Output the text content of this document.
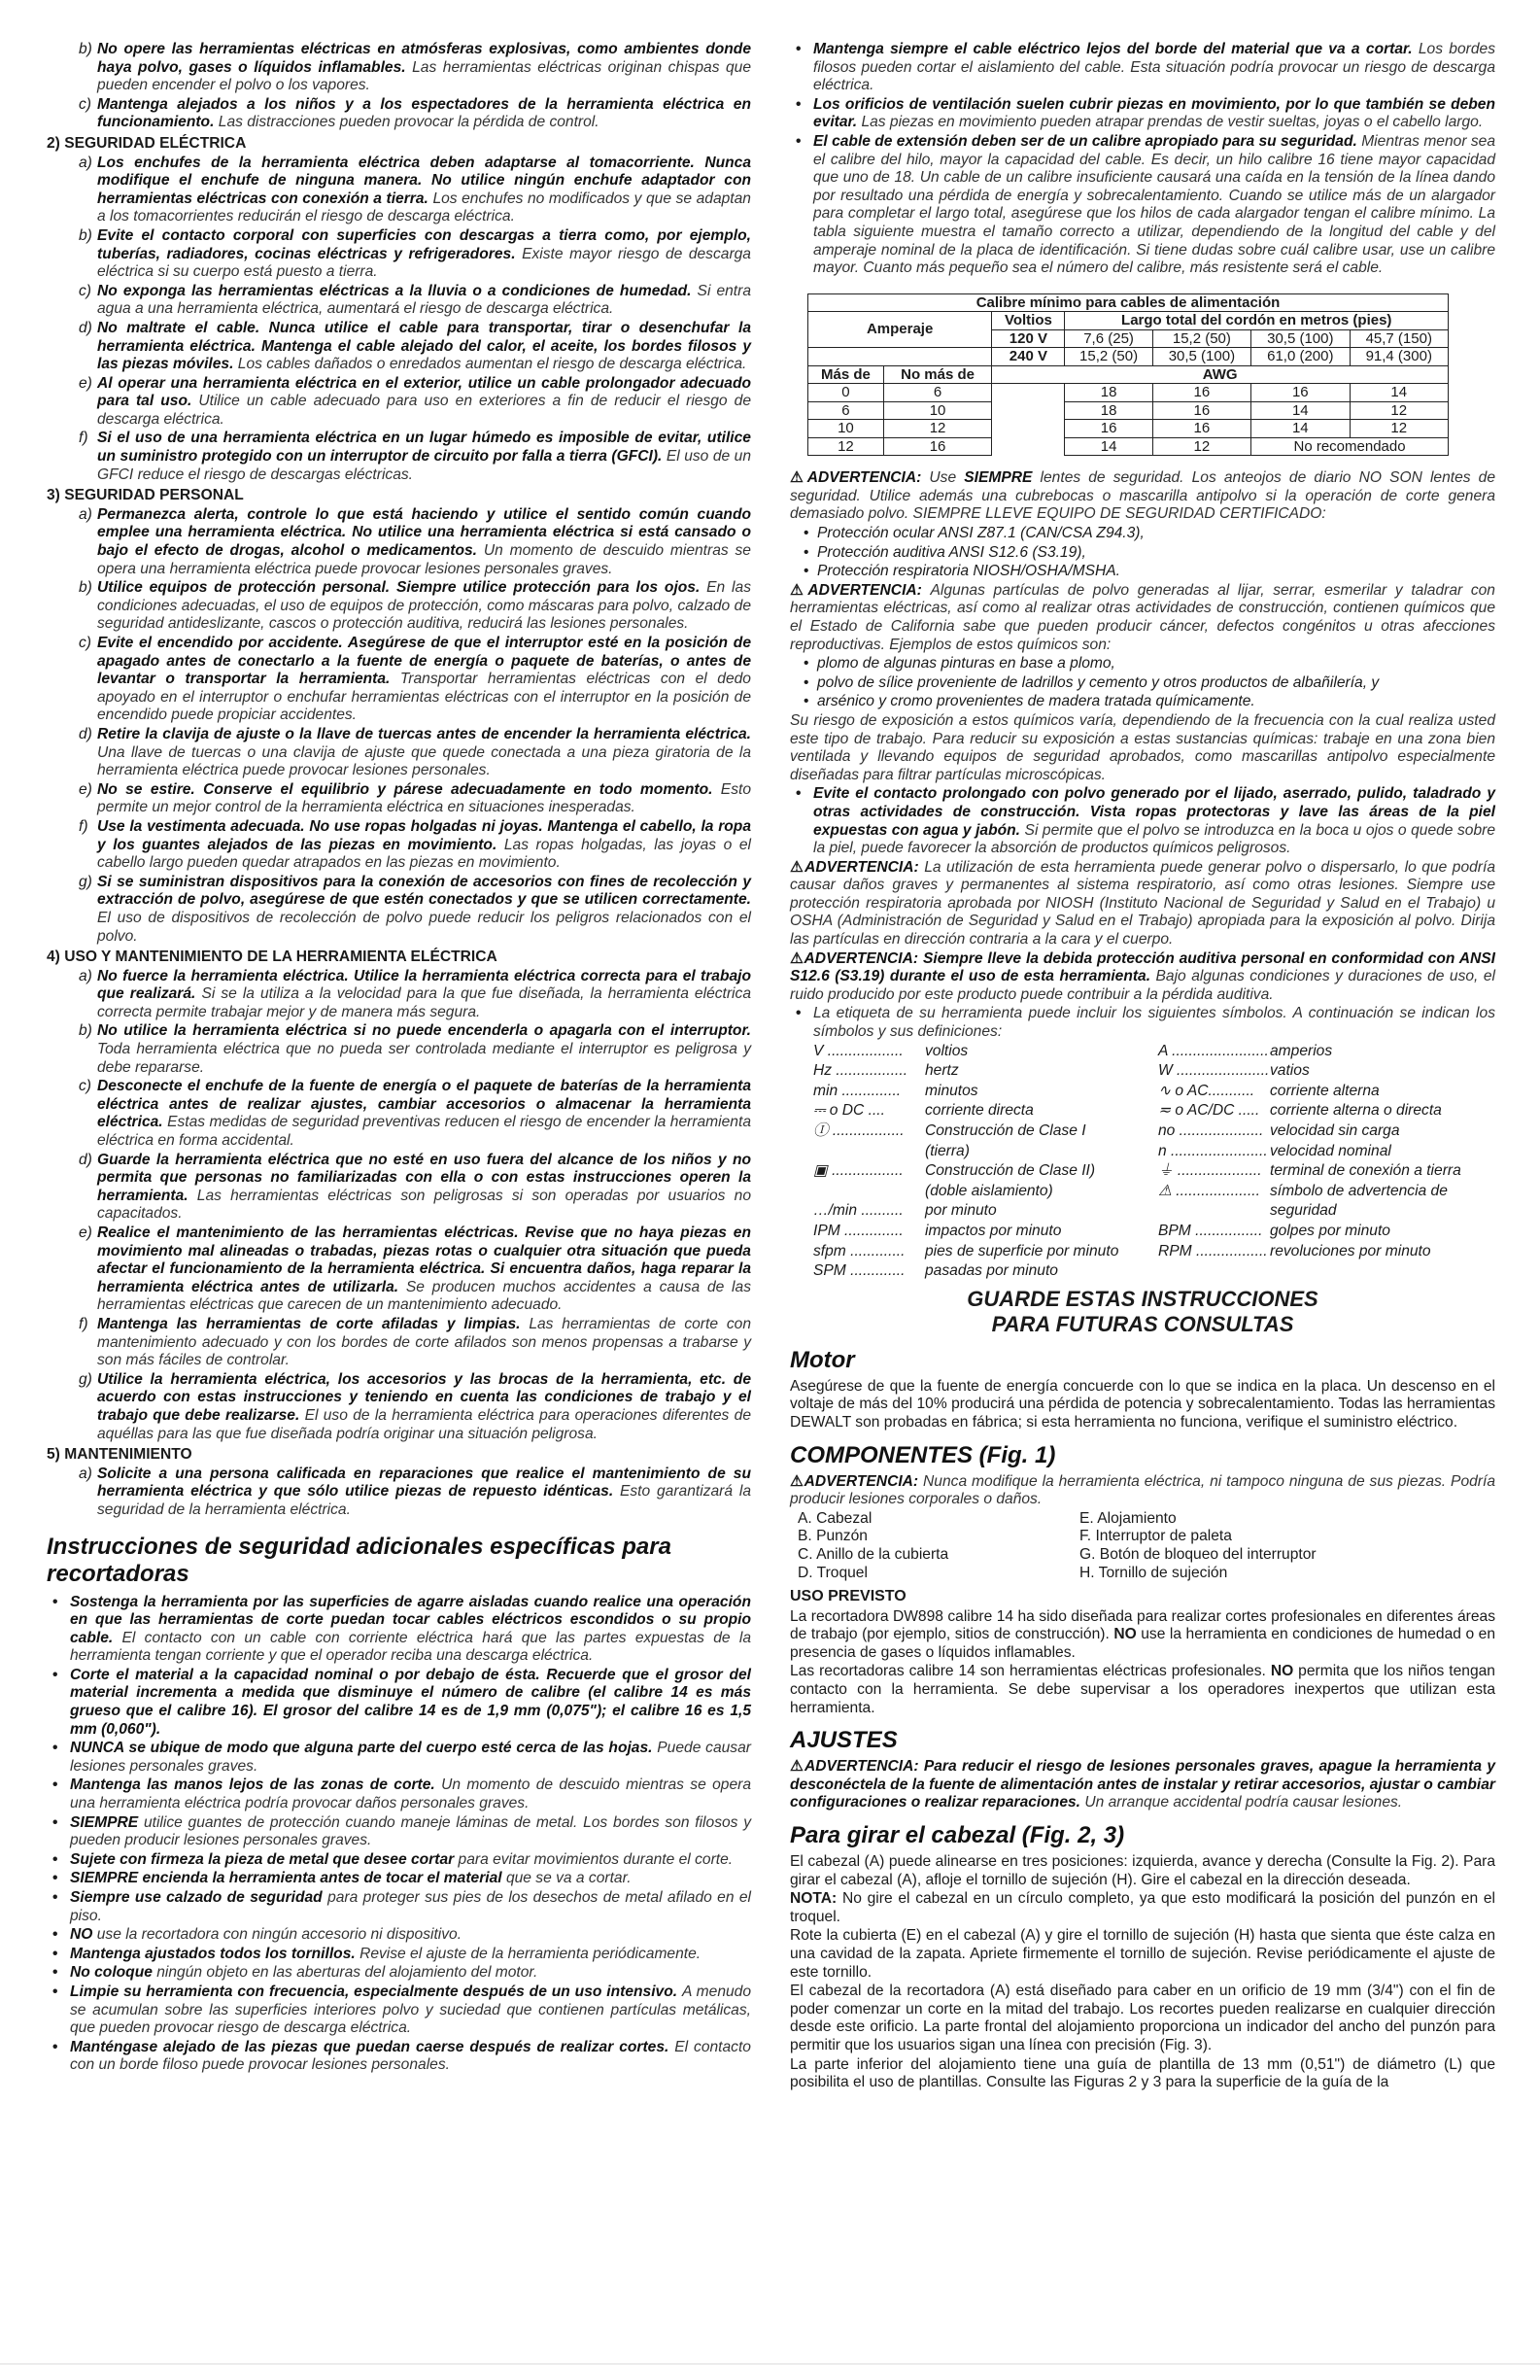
b) No opere las herramientas eléctricas en atmósferas explosivas, como ambientes donde haya polvo, gases o líquidos inflamables. Las herramientas eléctricas originan chispas que pueden encender el polvo o los vapores.
c) Mantenga alejados a los niños y a los espectadores de la herramienta eléctrica en funcionamiento. Las distracciones pueden provocar la pérdida de control.
2) SEGURIDAD ELÉCTRICA
a) Los enchufes de la herramienta eléctrica deben adaptarse al tomacorriente. Nunca modifique el enchufe de ninguna manera. No utilice ningún enchufe adaptador con herramientas eléctricas con conexión a tierra. Los enchufes no modificados y que se adaptan a los tomacorrientes reducirán el riesgo de descarga eléctrica.
b) Evite el contacto corporal con superficies con descargas a tierra como, por ejemplo, tuberías, radiadores, cocinas eléctricas y refrigeradores. Existe mayor riesgo de descarga eléctrica si su cuerpo está puesto a tierra.
c) No exponga las herramientas eléctricas a la lluvia o a condiciones de humedad. Si entra agua a una herramienta eléctrica, aumentará el riesgo de descarga eléctrica.
d) No maltrate el cable. Nunca utilice el cable para transportar, tirar o desenchufar la herramienta eléctrica. Mantenga el cable alejado del calor, el aceite, los bordes filosos y las piezas móviles. Los cables dañados o enredados aumentan el riesgo de descarga eléctrica.
e) Al operar una herramienta eléctrica en el exterior, utilice un cable prolongador adecuado para tal uso. Utilice un cable adecuado para uso en exteriores a fin de reducir el riesgo de descarga eléctrica.
f) Si el uso de una herramienta eléctrica en un lugar húmedo es imposible de evitar, utilice un suministro protegido con un interruptor de circuito por falla a tierra (GFCI). El uso de un GFCI reduce el riesgo de descargas eléctricas.
3) SEGURIDAD PERSONAL
a) Permanezca alerta, controle lo que está haciendo y utilice el sentido común cuando emplee una herramienta eléctrica. No utilice una herramienta eléctrica si está cansado o bajo el efecto de drogas, alcohol o medicamentos. Un momento de descuido mientras se opera una herramienta eléctrica puede provocar lesiones personales graves.
b) Utilice equipos de protección personal. Siempre utilice protección para los ojos. En las condiciones adecuadas, el uso de equipos de protección, como máscaras para polvo, calzado de seguridad antideslizante, cascos o protección auditiva, reducirá las lesiones personales.
c) Evite el encendido por accidente. Asegúrese de que el interruptor esté en la posición de apagado antes de conectarlo a la fuente de energía o paquete de baterías, o antes de levantar o transportar la herramienta. Transportar herramientas eléctricas con el dedo apoyado en el interruptor o enchufar herramientas eléctricas con el interruptor en la posición de encendido puede propiciar accidentes.
d) Retire la clavija de ajuste o la llave de tuercas antes de encender la herramienta eléctrica. Una llave de tuercas o una clavija de ajuste que quede conectada a una pieza giratoria de la herramienta eléctrica puede provocar lesiones personales.
e) No se estire. Conserve el equilibrio y párese adecuadamente en todo momento. Esto permite un mejor control de la herramienta eléctrica en situaciones inesperadas.
f) Use la vestimenta adecuada. No use ropas holgadas ni joyas. Mantenga el cabello, la ropa y los guantes alejados de las piezas en movimiento. Las ropas holgadas, las joyas o el cabello largo pueden quedar atrapados en las piezas en movimiento.
g) Si se suministran dispositivos para la conexión de accesorios con fines de recolección y extracción de polvo, asegúrese de que estén conectados y que se utilicen correctamente. El uso de dispositivos de recolección de polvo puede reducir los peligros relacionados con el polvo.
4) USO Y MANTENIMIENTO DE LA HERRAMIENTA ELÉCTRICA
a) No fuerce la herramienta eléctrica. Utilice la herramienta eléctrica correcta para el trabajo que realizará. Si se la utiliza a la velocidad para la que fue diseñada, la herramienta eléctrica correcta permite trabajar mejor y de manera más segura.
b) No utilice la herramienta eléctrica si no puede encenderla o apagarla con el interruptor. Toda herramienta eléctrica que no pueda ser controlada mediante el interruptor es peligrosa y debe repararse.
c) Desconecte el enchufe de la fuente de energía o el paquete de baterías de la herramienta eléctrica antes de realizar ajustes, cambiar accesorios o almacenar la herramienta eléctrica. Estas medidas de seguridad preventivas reducen el riesgo de encender la herramienta eléctrica en forma accidental.
d) Guarde la herramienta eléctrica que no esté en uso fuera del alcance de los niños y no permita que personas no familiarizadas con ella o con estas instrucciones operen la herramienta. Las herramientas eléctricas son peligrosas si son operadas por usuarios no capacitados.
e) Realice el mantenimiento de las herramientas eléctricas. Revise que no haya piezas en movimiento mal alineadas o trabadas, piezas rotas o cualquier otra situación que pueda afectar el funcionamiento de la herramienta eléctrica. Si encuentra daños, haga reparar la herramienta eléctrica antes de utilizarla. Se producen muchos accidentes a causa de las herramientas eléctricas que carecen de un mantenimiento adecuado.
f) Mantenga las herramientas de corte afiladas y limpias. Las herramientas de corte con mantenimiento adecuado y con los bordes de corte afilados son menos propensas a trabarse y son más fáciles de controlar.
g) Utilice la herramienta eléctrica, los accesorios y las brocas de la herramienta, etc. de acuerdo con estas instrucciones y teniendo en cuenta las condiciones de trabajo y el trabajo que debe realizarse. El uso de la herramienta eléctrica para operaciones diferentes de aquéllas para las que fue diseñada podría originar una situación peligrosa.
5) MANTENIMIENTO
a) Solicite a una persona calificada en reparaciones que realice el mantenimiento de su herramienta eléctrica y que sólo utilice piezas de repuesto idénticas. Esto garantizará la seguridad de la herramienta eléctrica.
Instrucciones de seguridad adicionales específicas para recortadoras
• Sostenga la herramienta por las superficies de agarre aisladas cuando realice una operación en que las herramientas de corte puedan tocar cables eléctricos escondidos o su propio cable. El contacto con un cable con corriente eléctrica hará que las partes expuestas de la herramienta tengan corriente y que el operador reciba una descarga eléctrica.
• Corte el material a la capacidad nominal o por debajo de ésta. Recuerde que el grosor del material incrementa a medida que disminuye el número de calibre (el calibre 14 es más grueso que el calibre 16). El grosor del calibre 14 es de 1,9 mm (0,075"); el calibre 16 es 1,5 mm (0,060").
• NUNCA se ubique de modo que alguna parte del cuerpo esté cerca de las hojas. Puede causar lesiones personales graves.
• Mantenga las manos lejos de las zonas de corte. Un momento de descuido mientras se opera una herramienta eléctrica podría provocar daños personales graves.
• SIEMPRE utilice guantes de protección cuando maneje láminas de metal. Los bordes son filosos y pueden producir lesiones personales graves.
• Sujete con firmeza la pieza de metal que desee cortar para evitar movimientos durante el corte.
• SIEMPRE encienda la herramienta antes de tocar el material que se va a cortar.
• Siempre use calzado de seguridad para proteger sus pies de los desechos de metal afilado en el piso.
• NO use la recortadora con ningún accesorio ni dispositivo.
• Mantenga ajustados todos los tornillos. Revise el ajuste de la herramienta periódicamente.
• No coloque ningún objeto en las aberturas del alojamiento del motor.
• Limpie su herramienta con frecuencia, especialmente después de un uso intensivo. A menudo se acumulan sobre las superficies interiores polvo y suciedad que contienen partículas metálicas, que pueden provocar riesgo de descarga eléctrica.
• Manténgase alejado de las piezas que puedan caerse después de realizar cortes. El contacto con un borde filoso puede provocar lesiones personales.
• Mantenga siempre el cable eléctrico lejos del borde del material que va a cortar. Los bordes filosos pueden cortar el aislamiento del cable. Esta situación podría provocar un riesgo de descarga eléctrica.
• Los orificios de ventilación suelen cubrir piezas en movimiento, por lo que también se deben evitar. Las piezas en movimiento pueden atrapar prendas de vestir sueltas, joyas o el cabello largo.
• El cable de extensión deben ser de un calibre apropiado para su seguridad. Mientras menor sea el calibre del hilo, mayor la capacidad del cable. Es decir, un hilo calibre 16 tiene mayor capacidad que uno de 18. Un cable de un calibre insuficiente causará una caída en la tensión de la línea dando por resultado una pérdida de energía y sobrecalentamiento. Cuando se utilice más de un alargador para completar el largo total, asegúrese que los hilos de cada alargador tengan el calibre mínimo. La tabla siguiente muestra el tamaño correcto a utilizar, dependiendo de la longitud del cable y del amperaje nominal de la placa de identificación. Si tiene dudas sobre cuál calibre usar, use un calibre mayor. Cuanto más pequeño sea el número del calibre, más resistente será el cable.
Calibre mínimo para cables de alimentación						
Amperaje		Voltios	Largo total del cordón en metros (pies)			
		120 V	7,6 (25)	15,2 (50)	30,5 (100)	45,7 (150)
		240 V	15,2 (50)	30,5 (100)	61,0 (200)	91,4 (300)
Más de	No más de	AWG				
0	6		18	16	16	14
6	10		18	16	14	12
10	12		16	16	14	12
12	16		14	12	No recomendado	
⚠ADVERTENCIA: Use SIEMPRE lentes de seguridad. Los anteojos de diario NO SON lentes de seguridad. Utilice además una cubrebocas o mascarilla antipolvo si la operación de corte genera demasiado polvo. SIEMPRE LLEVE EQUIPO DE SEGURIDAD CERTIFICADO:
• Protección ocular ANSI Z87.1 (CAN/CSA Z94.3),
• Protección auditiva ANSI S12.6 (S3.19),
• Protección respiratoria NIOSH/OSHA/MSHA.
⚠ADVERTENCIA: Algunas partículas de polvo generadas al lijar, serrar, esmerilar y taladrar con herramientas eléctricas, así como al realizar otras actividades de construcción, contienen químicos que el Estado de California sabe que pueden producir cáncer, defectos congénitos u otras afecciones reproductivas. Ejemplos de estos químicos son:
• plomo de algunas pinturas en base a plomo,
• polvo de sílice proveniente de ladrillos y cemento y otros productos de albañilería, y
• arsénico y cromo provenientes de madera tratada químicamente.
Su riesgo de exposición a estos químicos varía, dependiendo de la frecuencia con la cual realiza usted este tipo de trabajo. Para reducir su exposición a estas sustancias químicas: trabaje en una zona bien ventilada y llevando equipos de seguridad aprobados, como mascarillas antipolvo especialmente diseñadas para filtrar partículas microscópicas.
• Evite el contacto prolongado con polvo generado por el lijado, aserrado, pulido, taladrado y otras actividades de construcción. Vista ropas protectoras y lave las áreas de la piel expuestas con agua y jabón. Si permite que el polvo se introduzca en la boca u ojos o quede sobre la piel, puede favorecer la absorción de productos químicos peligrosos.
⚠ADVERTENCIA: La utilización de esta herramienta puede generar polvo o dispersarlo, lo que podría causar daños graves y permanentes al sistema respiratorio, así como otras lesiones. Siempre use protección respiratoria aprobada por NIOSH (Instituto Nacional de Seguridad y Salud en el Trabajo) u OSHA (Administración de Seguridad y Salud en el Trabajo) apropiada para la exposición al polvo. Dirija las partículas en dirección contraria a la cara y el cuerpo.
⚠ADVERTENCIA: Siempre lleve la debida protección auditiva personal en conformidad con ANSI S12.6 (S3.19) durante el uso de esta herramienta. Bajo algunas condiciones y duraciones de uso, el ruido producido por este producto puede contribuir a la pérdida auditiva.
• La etiqueta de su herramienta puede incluir los siguientes símbolos. A continuación se indican los símbolos y sus definiciones:
V ..................	voltios	A ....................... amperios
Hz .................	hertz	W ...................... vatios
min ..............	minutos	∿ o AC...........	corriente alterna
⎓ o DC ....	corriente directa	≂ o AC/DC ..... corriente alterna o directa
Ⓘ .................	Construcción de Clase I	no .................... velocidad sin carga
(tierra)	n ....................... velocidad nominal
▣ .................	Construcción de Clase II)	⏚ .................... terminal de conexión a tierra
(doble aislamiento)	⚠ .................... símbolo de advertencia de
…/min ..........	por minuto	seguridad
IPM ..............	impactos por minuto	BPM ................ golpes por minuto
sfpm .............	pies de superficie por minuto	RPM ................. revoluciones por minuto
SPM .............	pasadas por minuto
GUARDE ESTAS INSTRUCCIONES
PARA FUTURAS CONSULTAS
Motor
Asegúrese de que la fuente de energía concuerde con lo que se indica en la placa. Un descenso en el voltaje de más del 10% producirá una pérdida de potencia y sobrecalentamiento. Todas las herramientas DEWALT son probadas en fábrica; si esta herramienta no funciona, verifique el suministro eléctrico.
COMPONENTES (Fig. 1)
⚠ADVERTENCIA: Nunca modifique la herramienta eléctrica, ni tampoco ninguna de sus piezas. Podría producir lesiones corporales o daños.
A. Cabezal	E. Alojamiento
B. Punzón	F. Interruptor de paleta
C. Anillo de la cubierta	G. Botón de bloqueo del interruptor
D. Troquel	H. Tornillo de sujeción
USO PREVISTO
La recortadora DW898 calibre 14 ha sido diseñada para realizar cortes profesionales en diferentes áreas de trabajo (por ejemplo, sitios de construcción). NO use la herramienta en condiciones de humedad o en presencia de gases o líquidos inflamables.
Las recortadoras calibre 14 son herramientas eléctricas profesionales. NO permita que los niños tengan contacto con la herramienta. Se debe supervisar a los operadores inexpertos que utilizan esta herramienta.
AJUSTES
⚠ADVERTENCIA: Para reducir el riesgo de lesiones personales graves, apague la herramienta y desconéctela de la fuente de alimentación antes de instalar y retirar accesorios, ajustar o cambiar configuraciones o realizar reparaciones. Un arranque accidental podría causar lesiones.
Para girar el cabezal (Fig. 2, 3)
El cabezal (A) puede alinearse en tres posiciones: izquierda, avance y derecha (Consulte la Fig. 2). Para girar el cabezal (A), afloje el tornillo de sujeción (H). Gire el cabezal en la dirección deseada.
NOTA: No gire el cabezal en un círculo completo, ya que esto modificará la posición del punzón en el troquel.
Rote la cubierta (E) en el cabezal (A) y gire el tornillo de sujeción (H) hasta que sienta que éste calza en una cavidad de la zapata. Apriete firmemente el tornillo de sujeción. Revise periódicamente el ajuste de este tornillo.
El cabezal de la recortadora (A) está diseñado para caber en un orificio de 19 mm (3/4") con el fin de poder comenzar un corte en la mitad del trabajo. Los recortes pueden realizarse en cualquier dirección desde este orificio. La parte frontal del alojamiento proporciona un indicador del ancho del punzón para permitir que los usuarios sigan una línea con precisión (Fig. 3).
La parte inferior del alojamiento tiene una guía de plantilla de 13 mm (0,51") de diámetro (L) que posibilita el uso de plantillas. Consulte las Figuras 2 y 3 para la superficie de la guía de la
